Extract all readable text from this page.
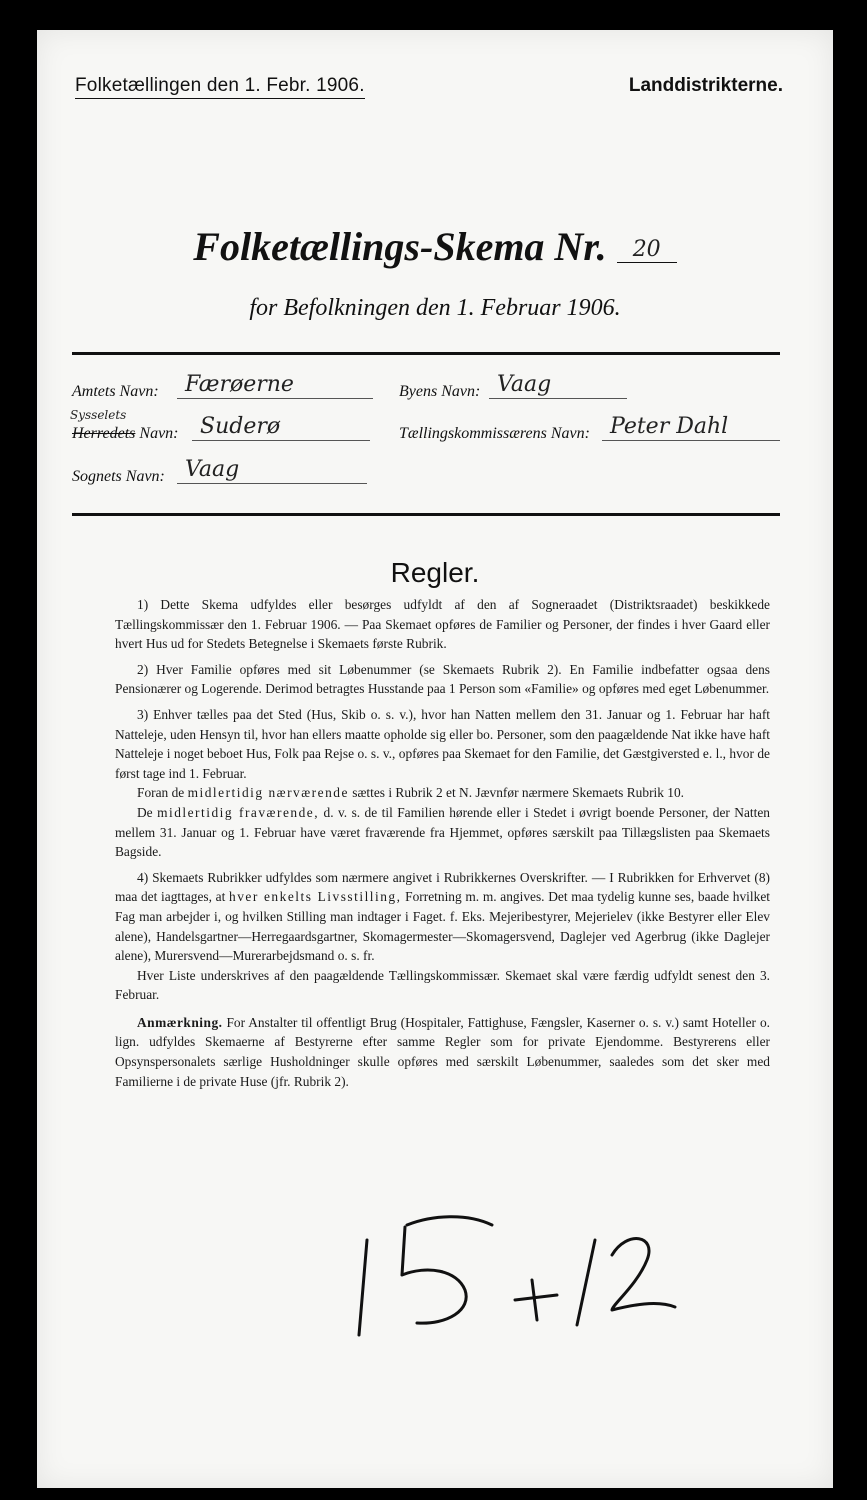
Folketællingen den 1. Febr. 1906.	Landdistrikterne.
Folketællings-Skema Nr. 20
for Befolkningen den 1. Februar 1906.
Amtets Navn:	Færøerne	Byens Navn: Vaag
Sysselets
Herredets Navn: Suderø	Tællingskommissærens Navn: Peter Dahl
Sognets Navn: Vaag
Regler.

1) Dette Skema udfyldes eller besørges udfyldt af den af Sogneraadet (Distriktsraadet) beskikkede Tællingskommissær den 1. Februar 1906. — Paa Skemaet opføres de Familier og Personer, der findes i hver Gaard eller hvert Hus ud for Stedets Betegnelse i Skemaets første Rubrik.

2) Hver Familie opføres med sit Løbenummer (se Skemaets Rubrik 2). En Familie indbefatter ogsaa dens Pensionærer og Logerende. Derimod betragtes Husstande paa 1 Person som «Familie» og opføres med eget Løbenummer.

3) Enhver tælles paa det Sted (Hus, Skib o. s. v.), hvor han Natten mellem den 31. Januar og 1. Februar har haft Natteleje, uden Hensyn til, hvor han ellers maatte opholde sig eller bo. Personer, som den paagældende Nat ikke have haft Natteleje i noget beboet Hus, Folk paa Rejse o. s. v., opføres paa Skemaet for den Familie, det Gæstgiversted e. l., hvor de først tage ind 1. Februar.

Foran de midlertidig nærværende sættes i Rubrik 2 et N. Jævnfør nærmere Skemaets Rubrik 10.

De midlertidig fraværende, d. v. s. de til Familien hørende eller i Stedet i øvrigt boende Personer, der Natten mellem 31. Januar og 1. Februar have været fraværende fra Hjemmet, opføres særskilt paa Tillægslisten paa Skemaets Bagside.

4) Skemaets Rubrikker udfyldes som nærmere angivet i Rubrikkernes Overskrifter. — I Rubrikken for Erhvervet (8) maa det iagttages, at hver enkelts Livsstilling, Forretning m. m. angives. Det maa tydelig kunne ses, baade hvilket Fag man arbejder i, og hvilken Stilling man indtager i Faget. f. Eks. Mejeribestyrer, Mejerielev (ikke Bestyrer eller Elev alene), Handelsgartner—Herregaardsgartner, Skomagermester—Skomagersvend, Daglejer ved Agerbrug (ikke Daglejer alene), Murersvend—Murerarbejdsmand o. s. fr.

Hver Liste underskrives af den paagældende Tællingskommissær. Skemaet skal være færdig udfyldt senest den 3. Februar.

Anmærkning. For Anstalter til offentligt Brug (Hospitaler, Fattighuse, Fængsler, Kaserner o. s. v.) samt Hoteller o. lign. udfyldes Skemaerne af Bestyrerne efter samme Regler som for private Ejendomme. Bestyrerens eller Opsynspersonalets særlige Husholdninger skulle opføres med særskilt Løbenummer, saaledes som det sker med Familierne i de private Huse (jfr. Rubrik 2).
